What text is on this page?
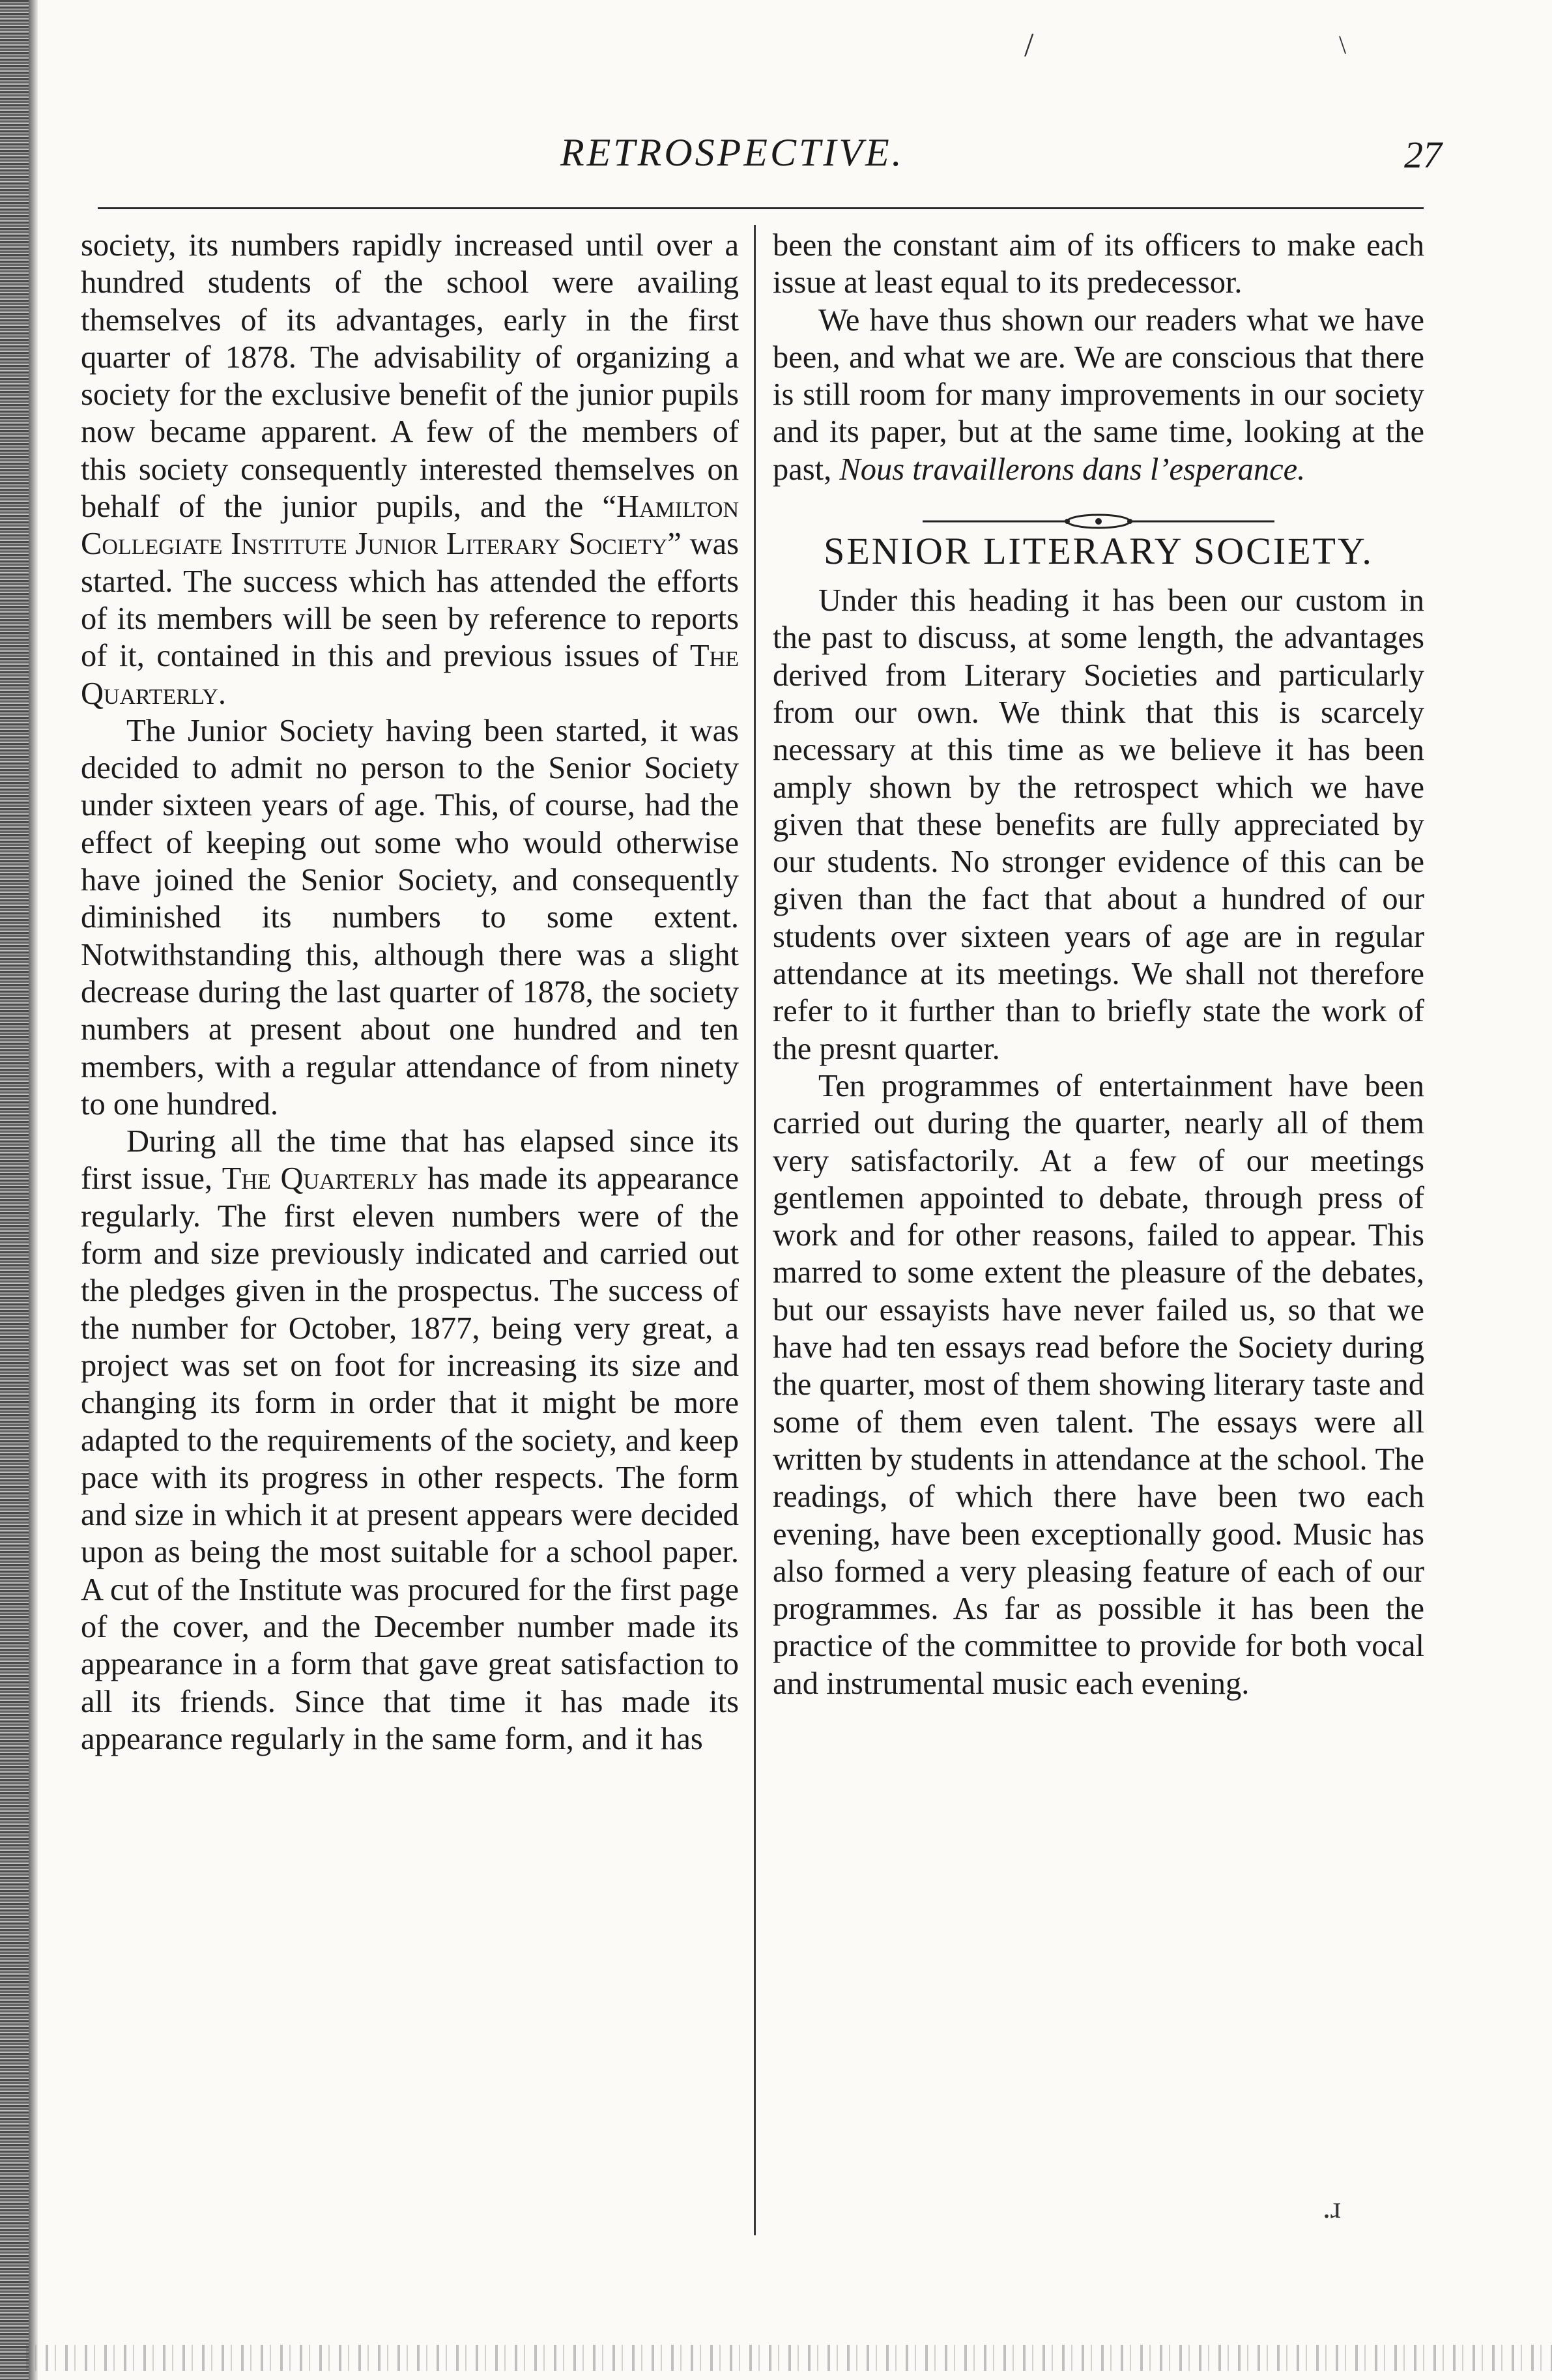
/	\
RETROSPECTIVE.	27

society, its numbers rapidly increased until over a hundred students of the school were availing themselves of its advantages, early in the first quarter of 1878. The advisability of organizing a society for the exclusive benefit of the junior pupils now became apparent. A few of the members of this society consequently interested themselves on behalf of the junior pupils, and the “Hamilton Collegiate Institute Junior Literary Society” was started. The success which has attended the efforts of its members will be seen by reference to reports of it, contained in this and previous issues of The Quarterly.

The Junior Society having been started, it was decided to admit no person to the Senior Society under sixteen years of age. This, of course, had the effect of keeping out some who would otherwise have joined the Senior Society, and consequently diminished its numbers to some extent. Notwithstanding this, although there was a slight decrease during the last quarter of 1878, the society numbers at present about one hundred and ten members, with a regular attendance of from ninety to one hundred.

During all the time that has elapsed since its first issue, The Quarterly has made its appearance regularly. The first eleven numbers were of the form and size previously indicated and carried out the pledges given in the prospectus. The success of the number for October, 1877, being very great, a project was set on foot for increasing its size and changing its form in order that it might be more adapted to the requirements of the society, and keep pace with its progress in other respects. The form and size in which it at present appears were decided upon as being the most suitable for a school paper. A cut of the Institute was procured for the first page of the cover, and the December number made its appearance in a form that gave great satisfaction to all its friends. Since that time it has made its appearance regularly in the same form, and it has

been the constant aim of its officers to make each issue at least equal to its predecessor.

We have thus shown our readers what we have been, and what we are. We are conscious that there is still room for many improvements in our society and its paper, but at the same time, looking at the past, Nous travaillerons dans l’esperance.

SENIOR LITERARY SOCIETY.

Under this heading it has been our custom in the past to discuss, at some length, the advantages derived from Literary Societies and particularly from our own. We think that this is scarcely necessary at this time as we believe it has been amply shown by the retrospect which we have given that these benefits are fully appreciated by our students. No stronger evidence of this can be given than the fact that about a hundred of our students over sixteen years of age are in regular attendance at its meetings. We shall not therefore refer to it further than to briefly state the work of the presnt quarter.

Ten programmes of entertainment have been carried out during the quarter, nearly all of them very satisfactorily. At a few of our meetings gentlemen appointed to debate, through press of work and for other reasons, failed to appear. This marred to some extent the pleasure of the debates, but our essayists have never failed us, so that we have had ten essays read before the Society during the quarter, most of them showing literary taste and some of them even talent. The essays were all written by students in attendance at the school. The readings, of which there have been two each evening, have been exceptionally good. Music has also formed a very pleasing feature of each of our programmes. As far as possible it has been the practice of the committee to provide for both vocal and instrumental music each evening.

.ɹ
